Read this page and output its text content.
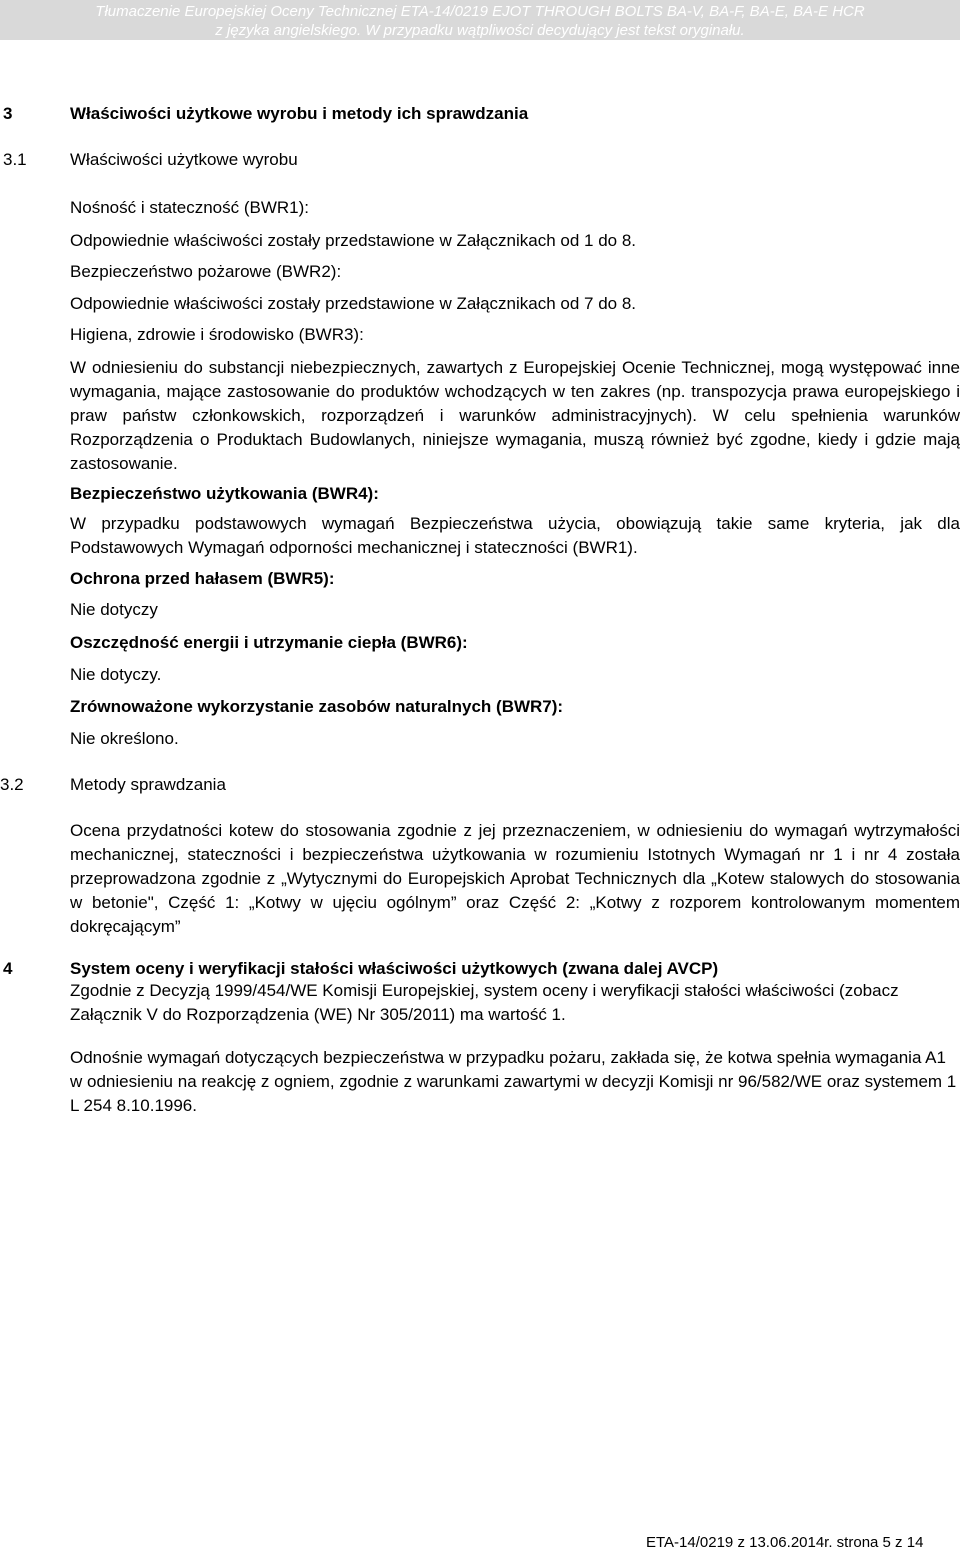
Tłumaczenie Europejskiej Oceny Technicznej ETA-14/0219 EJOT THROUGH BOLTS BA-V, BA-F, BA-E, BA-E HCR
z języka angielskiego. W przypadku wątpliwości decydujący jest tekst oryginału.
3	Właściwości użytkowe wyrobu i metody ich sprawdzania
3.1	Właściwości użytkowe wyrobu
Nośność i stateczność (BWR1):
Odpowiednie właściwości zostały przedstawione w Załącznikach od 1 do 8.
Bezpieczeństwo pożarowe (BWR2):
Odpowiednie właściwości zostały przedstawione w Załącznikach od 7 do 8.
Higiena, zdrowie i środowisko (BWR3):
W odniesieniu do substancji niebezpiecznych, zawartych z Europejskiej Ocenie Technicznej, mogą występować inne wymagania, mające zastosowanie do produktów wchodzących w ten zakres (np. transpozycja prawa europejskiego i praw państw członkowskich, rozporządzeń i warunków administracyjnych). W celu spełnienia warunków Rozporządzenia o Produktach Budowlanych, niniejsze wymagania, muszą również być zgodne, kiedy i gdzie mają zastosowanie.
Bezpieczeństwo użytkowania (BWR4):
W przypadku podstawowych wymagań Bezpieczeństwa użycia, obowiązują takie same kryteria, jak dla Podstawowych Wymagań odporności mechanicznej i stateczności (BWR1).
Ochrona przed hałasem (BWR5):
Nie dotyczy
Oszczędność energii i utrzymanie ciepła (BWR6):
Nie dotyczy.
Zrównoważone wykorzystanie zasobów naturalnych (BWR7):
Nie określono.
3.2	Metody sprawdzania
Ocena przydatności kotew do stosowania zgodnie z jej przeznaczeniem, w odniesieniu do wymagań wytrzymałości mechanicznej, stateczności i bezpieczeństwa użytkowania w rozumieniu Istotnych Wymagań nr 1 i nr 4 została przeprowadzona zgodnie z „Wytycznymi do Europejskich Aprobat Technicznych dla „Kotew stalowych do stosowania w betonie", Część 1: „Kotwy w ujęciu ogólnym” oraz Część 2: „Kotwy z rozporem kontrolowanym momentem dokręcającym”
4	System oceny i weryfikacji stałości właściwości użytkowych (zwana dalej AVCP)
Zgodnie z Decyzją 1999/454/WE Komisji Europejskiej, system oceny i weryfikacji stałości właściwości (zobacz Załącznik V do Rozporządzenia (WE) Nr 305/2011) ma wartość 1.
Odnośnie wymagań dotyczących bezpieczeństwa w przypadku pożaru, zakłada się, że kotwa spełnia wymagania A1 w odniesieniu na reakcję z ogniem, zgodnie z warunkami zawartymi w decyzji Komisji nr 96/582/WE oraz systemem 1 L 254 8.10.1996.
ETA-14/0219 z 13.06.2014r. strona 5 z 14
